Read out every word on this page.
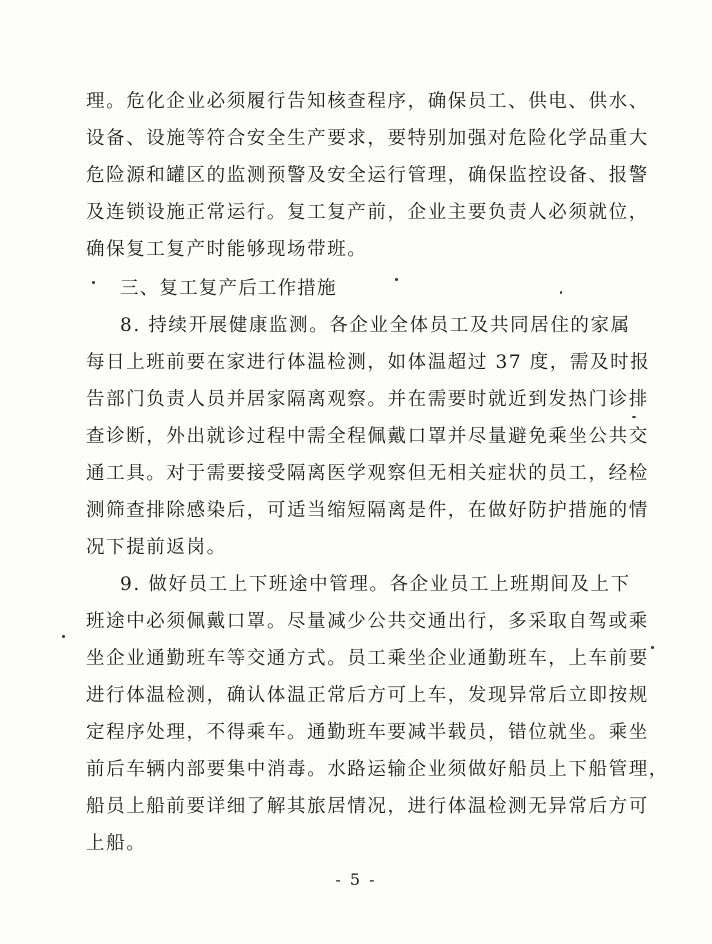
理。危化企业必须履行告知核查程序，确保员工、供电、供水、
设备、设施等符合安全生产要求，要特别加强对危险化学品重大
危险源和罐区的监测预警及安全运行管理，确保监控设备、报警
及连锁设施正常运行。复工复产前，企业主要负责人必须就位，
确保复工复产时能够现场带班。
三、复工复产后工作措施
8. 持续开展健康监测。各企业全体员工及共同居住的家属
每日上班前要在家进行体温检测，如体温超过 37 度，需及时报
告部门负责人员并居家隔离观察。并在需要时就近到发热门诊排
查诊断，外出就诊过程中需全程佩戴口罩并尽量避免乘坐公共交
通工具。对于需要接受隔离医学观察但无相关症状的员工，经检
测筛查排除感染后，可适当缩短隔离是件，在做好防护措施的情
况下提前返岗。
9. 做好员工上下班途中管理。各企业员工上班期间及上下
班途中必须佩戴口罩。尽量减少公共交通出行，多采取自驾或乘
坐企业通勤班车等交通方式。员工乘坐企业通勤班车，上车前要
进行体温检测，确认体温正常后方可上车，发现异常后立即按规
定程序处理，不得乘车。通勤班车要减半载员，错位就坐。乘坐
前后车辆内部要集中消毒。水路运输企业须做好船员上下船管理，
船员上船前要详细了解其旅居情况，进行体温检测无异常后方可
上船。
- 5 -
